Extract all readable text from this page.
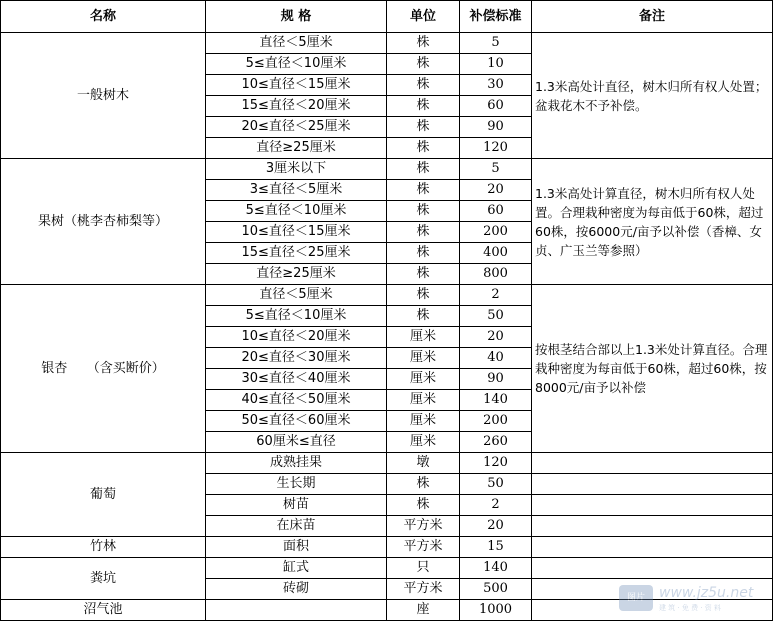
名称	规 格	单位	补偿标准	备注
一般树木	直径＜5厘米	株	5	1.3米高处计直径，树木归所有权人处置；盆栽花木不予补偿。
	5≤直径＜10厘米	株	10	
	10≤直径＜15厘米	株	30	
	15≤直径＜20厘米	株	60	
	20≤直径＜25厘米	株	90	
	直径≥25厘米	株	120	
果树（桃李杏柿梨等）	3厘米以下	株	5	1.3米高处计算直径，树木归所有权人处置。合理栽种密度为每亩低于60株，超过60株，按6000元/亩予以补偿（香樟、女贞、广玉兰等参照）
	3≤直径＜5厘米	株	20	
	5≤直径＜10厘米	株	60	
	10≤直径＜15厘米	株	200	
	15≤直径＜25厘米	株	400	
	直径≥25厘米	株	800	
银杏　　（含买断价）	直径＜5厘米	株	2	按根茎结合部以上1.3米处计算直径。合理栽种密度为每亩低于60株，超过60株，按8000元/亩予以补偿
	5≤直径＜10厘米	株	50	
	10≤直径＜20厘米	厘米	20	
	20≤直径＜30厘米	厘米	40	
	30≤直径＜40厘米	厘米	90	
	40≤直径＜50厘米	厘米	140	
	50≤直径＜60厘米	厘米	200	
	60厘米≤直径	厘米	260	
葡萄	成熟挂果	墩	120	
	生长期	株	50	
	树苗	株	2	
	在床苗	平方米	20	
竹林	面积	平方米	15	
粪坑	缸式	只	140	
	砖砌	平方米	500	
沼气池		座	1000	
图片	www.jz5u.net
建 筑 · 免 费 · 资 料
